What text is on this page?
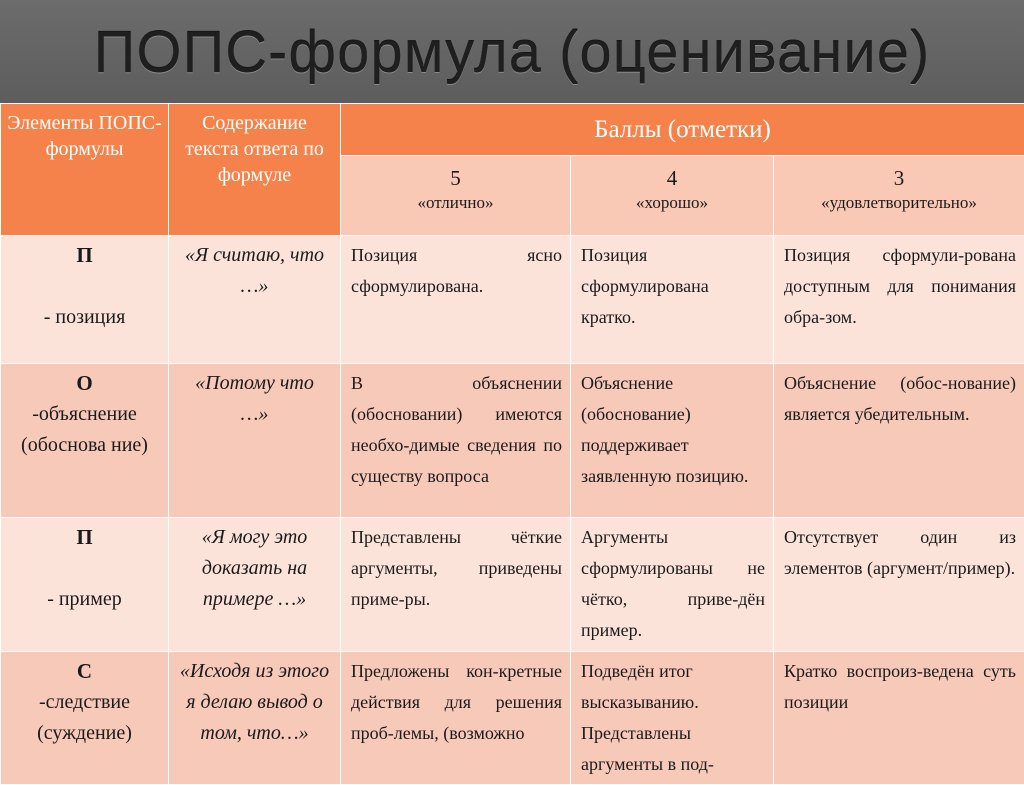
ПОПС-формула (оценивание)
Элементы ПОПС-формулы	Содержание текста ответа по формуле	Баллы (отметки)		

		5
«отлично»	4
«хорошо»	3
«удовлетворительно»

П
- позиция	«Я считаю, что …»	Позиция ясно сформулирована.	Позиция сформулирована кратко.	Позиция сформули-рована доступным для понимания обра-зом.

О
-объяснение (обоснова ние)	«Потому что …»	В объяснении (обосновании) имеются необхо-димые сведения по существу вопроса	Объяснение (обоснование) поддерживает заявленную позицию.	Объяснение (обос-нование) является убедительным.

П
- пример	«Я могу это доказать на примере …»	Представлены чёткие аргументы, приведены приме-ры.	Аргументы сформулированы не чётко, приве-дён пример.	Отсутствует один из элементов (аргумент/пример).

С
-следствие (суждение)	«Исходя из этого я делаю вывод о том, что…»	Предложены кон-кретные действия для решения проб-лемы, (возможно	Подведён итог высказыванию. Представлены аргументы в под-	Кратко воспроиз-ведена суть позиции
